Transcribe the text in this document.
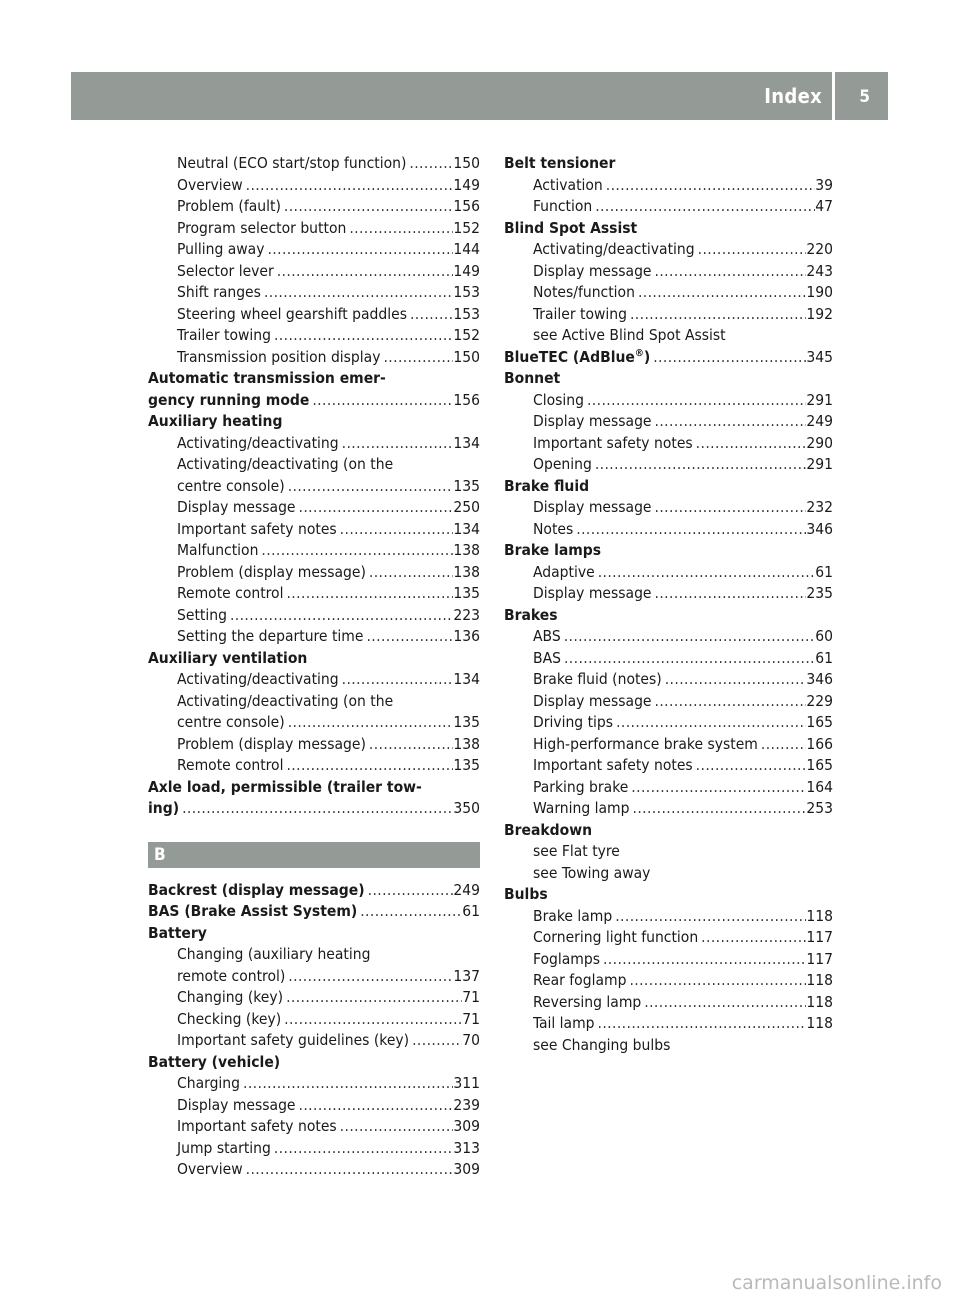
Index 5
Neutral (ECO start/stop function) .....	150
Overview .....	149
Problem (fault) .....	156
Program selector button .....	152
Pulling away .....	144
Selector lever .....	149
Shift ranges .....	153
Steering wheel gearshift paddles .....	153
Trailer towing .....	152
Transmission position display .....	150
Automatic transmission emer-
gency running mode .....	156
Auxiliary heating
Activating/deactivating .....	134
Activating/deactivating (on the
centre console) .....	135
Display message .....	250
Important safety notes .....	134
Malfunction .....	138
Problem (display message) .....	138
Remote control .....	135
Setting .....	223
Setting the departure time .....	136
Auxiliary ventilation
Activating/deactivating .....	134
Activating/deactivating (on the
centre console) .....	135
Problem (display message) .....	138
Remote control .....	135
Axle load, permissible (trailer tow-
ing) .....	350
B
Backrest (display message) .....	249
BAS (Brake Assist System) .....	61
Battery
Changing (auxiliary heating
remote control) .....	137
Changing (key) .....	71
Checking (key) .....	71
Important safety guidelines (key) .....	70
Battery (vehicle)
Charging .....	311
Display message .....	239
Important safety notes .....	309
Jump starting .....	313
Overview .....	309
Belt tensioner
Activation .....	39
Function .....	47
Blind Spot Assist
Activating/deactivating .....	220
Display message .....	243
Notes/function .....	190
Trailer towing .....	192
see Active Blind Spot Assist
BlueTEC (AdBlue®) .....	345
Bonnet
Closing .....	291
Display message .....	249
Important safety notes .....	290
Opening .....	291
Brake fluid
Display message .....	232
Notes .....	346
Brake lamps
Adaptive .....	61
Display message .....	235
Brakes
ABS .....	60
BAS .....	61
Brake fluid (notes) .....	346
Display message .....	229
Driving tips .....	165
High-performance brake system .....	166
Important safety notes .....	165
Parking brake .....	164
Warning lamp .....	253
Breakdown
see Flat tyre
see Towing away
Bulbs
Brake lamp .....	118
Cornering light function .....	117
Foglamps .....	117
Rear foglamp .....	118
Reversing lamp .....	118
Tail lamp .....	118
see Changing bulbs
carmanualsonline.info
